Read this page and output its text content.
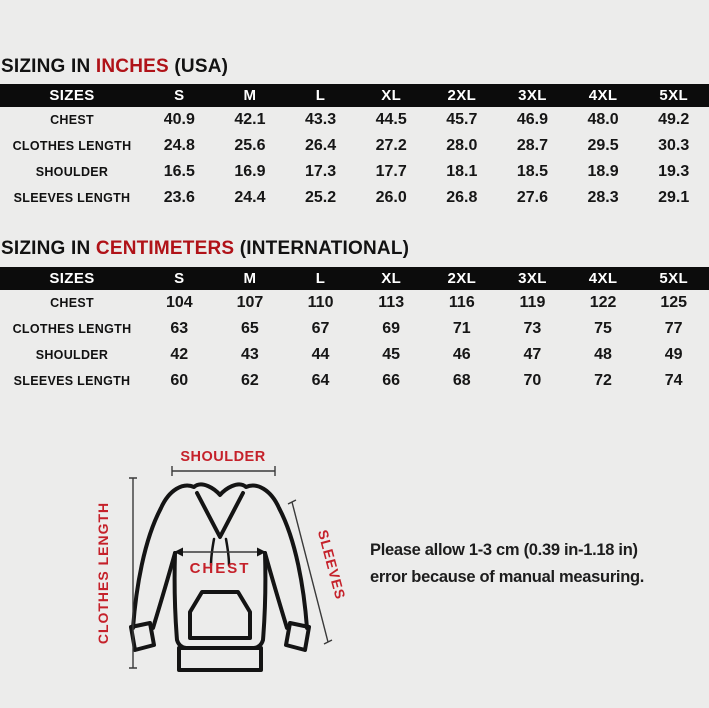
SIZING IN INCHES (USA)
SIZES	S	M	L	XL	2XL	3XL	4XL	5XL
CHEST	40.9	42.1	43.3	44.5	45.7	46.9	48.0	49.2
CLOTHES LENGTH	24.8	25.6	26.4	27.2	28.0	28.7	29.5	30.3
SHOULDER	16.5	16.9	17.3	17.7	18.1	18.5	18.9	19.3
SLEEVES LENGTH	23.6	24.4	25.2	26.0	26.8	27.6	28.3	29.1
SIZING IN CENTIMETERS (INTERNATIONAL)
SIZES	S	M	L	XL	2XL	3XL	4XL	5XL
CHEST	104	107	110	113	116	119	122	125
CLOTHES LENGTH	63	65	67	69	71	73	75	77
SHOULDER	42	43	44	45	46	47	48	49
SLEEVES LENGTH	60	62	64	66	68	70	72	74
SHOULDER
CLOTHES LENGTH	SLEEVES
CHEST
Please allow 1-3 cm (0.39 in-1.18 in)
error because of manual measuring.
